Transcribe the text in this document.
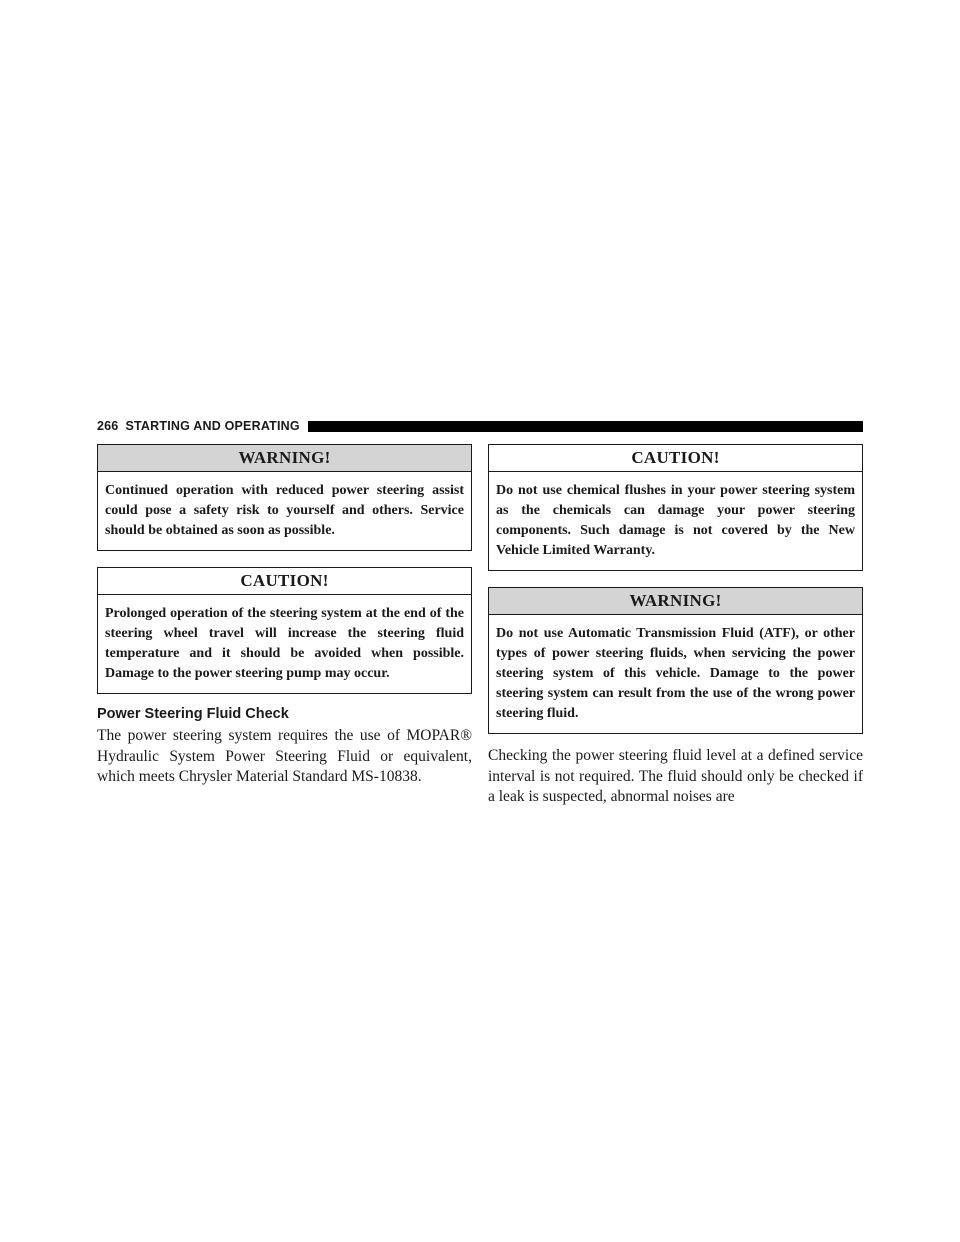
266 STARTING AND OPERATING
WARNING!
Continued operation with reduced power steering assist could pose a safety risk to yourself and others. Service should be obtained as soon as possible.
CAUTION!
Prolonged operation of the steering system at the end of the steering wheel travel will increase the steering fluid temperature and it should be avoided when possible. Damage to the power steering pump may occur.
Power Steering Fluid Check

The power steering system requires the use of MOPAR® Hydraulic System Power Steering Fluid or equivalent, which meets Chrysler Material Standard MS-10838.

CAUTION!
Do not use chemical flushes in your power steering system as the chemicals can damage your power steering components. Such damage is not covered by the New Vehicle Limited Warranty.
WARNING!
Do not use Automatic Transmission Fluid (ATF), or other types of power steering fluids, when servicing the power steering system of this vehicle. Damage to the power steering system can result from the use of the wrong power steering fluid.

Checking the power steering fluid level at a defined service interval is not required. The fluid should only be checked if a leak is suspected, abnormal noises are
